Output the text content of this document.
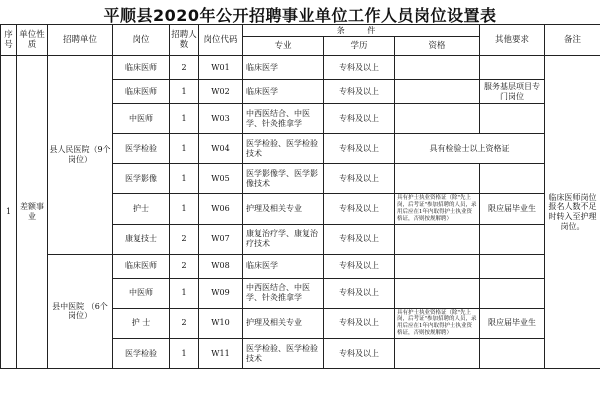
平顺县2020年公开招聘事业单位工作人员岗位设置表
序号	单位性质	招聘单位	岗位	招聘人数	岗位代码	条 件			其他要求	备注
						专业	学历	资格		
1	差额事业	县人民医院（9个岗位）	临床医师	2	W01	临床医学	专科及以上			临床医师岗位报名人数不足时转入至护理岗位。
			临床医师	1	W02	临床医学	专科及以上		服务基层项目专门岗位	
			中医师	1	W03	中西医结合、中医学、针灸推拿学	专科及以上			
			医学检验	1	W04	医学检验、医学检验技术	专科及以上	具有检验士以上资格证		
			医学影像	1	W05	医学影像学、医学影像技术	专科及以上			
			护士	1	W06	护理及相关专业	专科及以上	具有护士执业资格证（除"先上岗，后考证"参加招聘的人员，录用后应在1年内取得护士执业资格证，否则按规解聘）	限应届毕业生	
			康复技士	2	W07	康复治疗学、康复治疗技术	专科及以上			
		县中医院 （6个岗位）	临床医师	2	W08	临床医学	专科及以上			
			中医师	1	W09	中西医结合、中医学、针灸推拿学	专科及以上			
			护 士	2	W10	护理及相关专业	专科及以上	具有护士执业资格证（除"先上岗，后考证"参加招聘的人员，录用后应在1年内取得护士执业资格证，否则按规解聘）	限应届毕业生	
			医学检验	1	W11	医学检验、医学检验技术	专科及以上			
